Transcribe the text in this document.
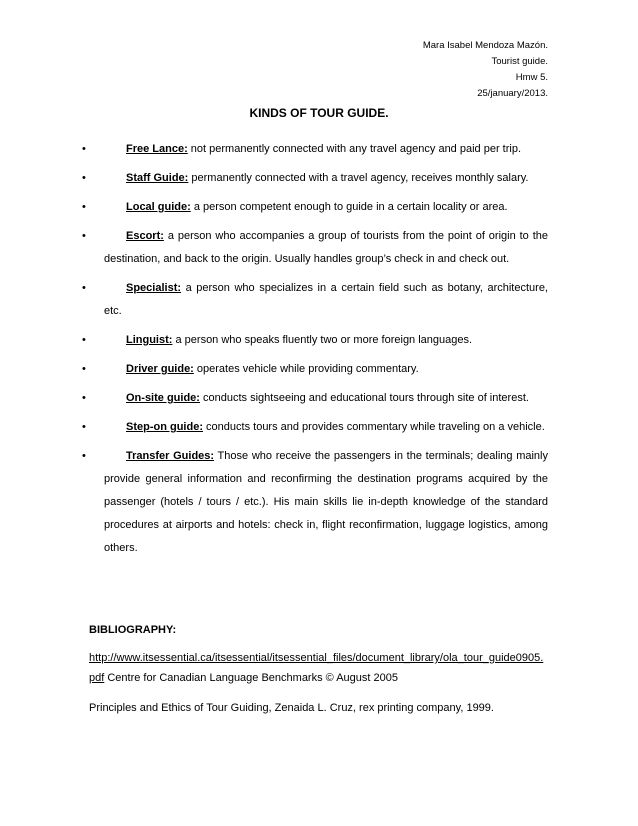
Mara Isabel Mendoza Mazón.
Tourist guide.
Hmw 5.
25/january/2013.
KINDS OF TOUR GUIDE.
•	Free Lance: not permanently connected with any travel agency and paid per trip.
•	Staff Guide: permanently connected with a travel agency, receives monthly salary.
•	Local guide: a person competent enough to guide in a certain locality or area.
•	Escort: a person who accompanies a group of tourists from the point of origin to the destination, and back to the origin. Usually handles group’s check in and check out.
•	Specialist: a person who specializes in a certain field such as botany, architecture, etc.
•	Linguist: a person who speaks fluently two or more foreign languages.
•	Driver guide: operates vehicle while providing commentary.
•	On-site guide: conducts sightseeing and educational tours through site of interest.
•	Step-on guide: conducts tours and provides commentary while traveling on a vehicle.
•	Transfer Guides: Those who receive the passengers in the terminals; dealing mainly provide general information and reconfirming the destination programs acquired by the passenger (hotels / tours / etc.). His main skills lie in-depth knowledge of the standard procedures at airports and hotels: check in, flight reconfirmation, luggage logistics, among others.
BIBLIOGRAPHY:
http://www.itsessential.ca/itsessential/itsessential_files/document_library/ola_tour_guide0905.pdf Centre for Canadian Language Benchmarks © August 2005
Principles and Ethics of Tour Guiding, Zenaida L. Cruz, rex printing company, 1999.
